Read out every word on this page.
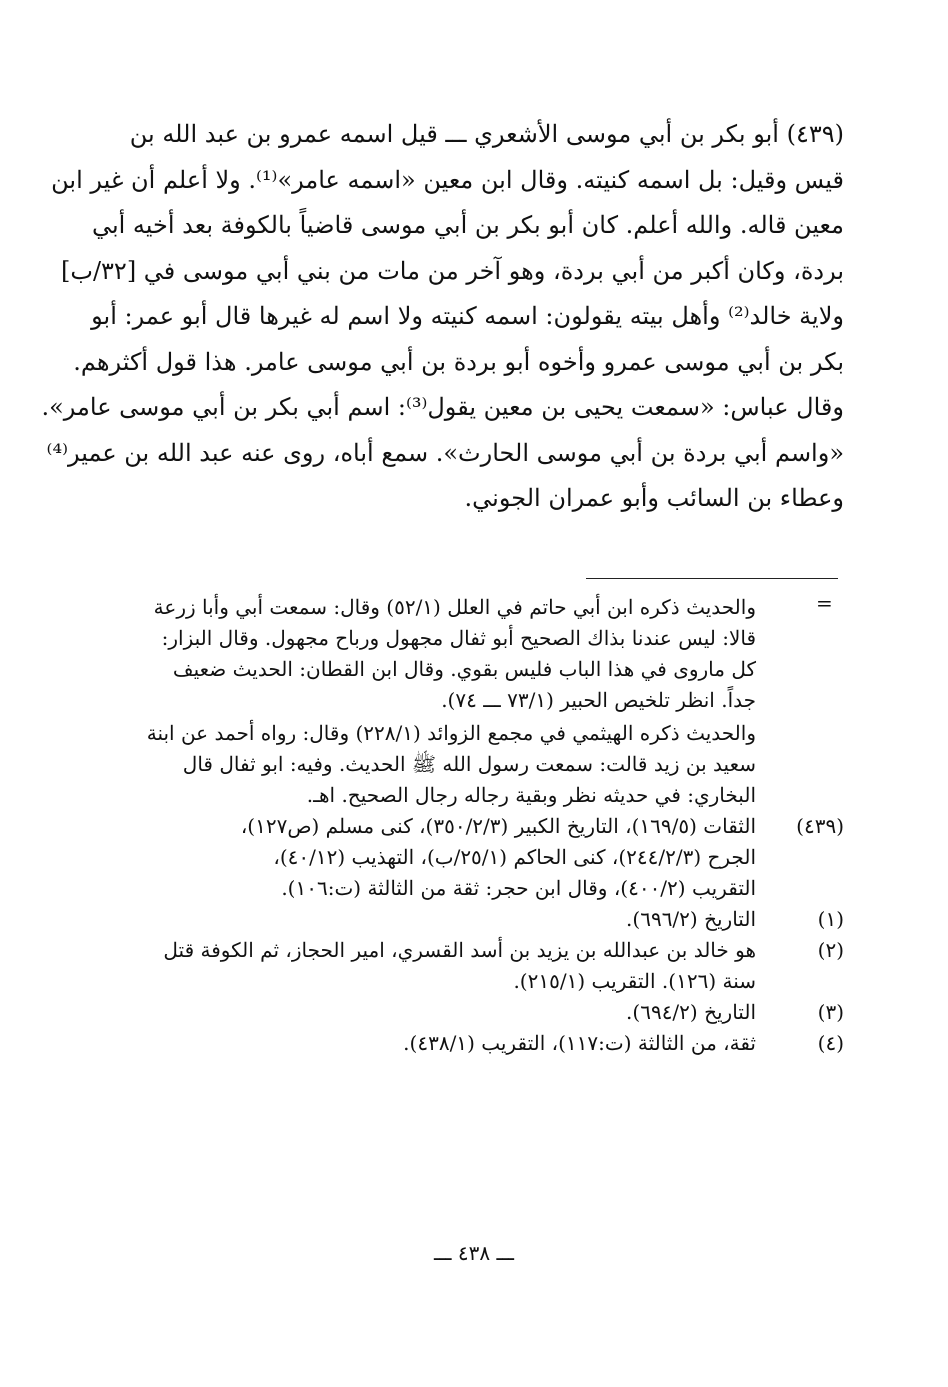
(٤٣٩) أبو بكر بن أبي موسى الأشعري ـــ قيل اسمه عمرو بن عبد الله بن
قيس وقيل: بل اسمه كنيته. وقال ابن معين «اسمه عامر»⁽¹⁾. ولا أعلم أن غير ابن
معين قاله. والله أعلم. كان أبو بكر بن أبي موسى قاضياً بالكوفة بعد أخيه أبي
بردة، وكان أكبر من أبي بردة، وهو آخر من مات من بني أبي موسى في [٣٢/ب]
ولاية خالد⁽²⁾ وأهل بيته يقولون: اسمه كنيته ولا اسم له غيرها قال أبو عمر: أبو
بكر بن أبي موسى عمرو وأخوه أبو بردة بن أبي موسى عامر. هذا قول أكثرهم.
وقال عباس: «سمعت يحيى بن معين يقول⁽³⁾: اسم أبي بكر بن أبي موسى عامر».
«واسم أبي بردة بن أبي موسى الحارث». سمع أباه، روى عنه عبد الله بن عمير⁽⁴⁾
وعطاء بن السائب وأبو عمران الجوني.
=
والحديث ذكره ابن أبي حاتم في العلل (٥٢/١) وقال: سمعت أبي وأبا زرعة
قالا: ليس عندنا بذاك الصحيح أبو ثفال مجهول ورباح مجهول. وقال البزار:
كل ماروى في هذا الباب فليس بقوي. وقال ابن القطان: الحديث ضعيف
جداً. انظر تلخيص الحبير (٧٣/١ ـــ ٧٤).
والحديث ذكره الهيثمي في مجمع الزوائد (٢٢٨/١) وقال: رواه أحمد عن ابنة
سعيد بن زيد قالت: سمعت رسول الله ﷺ الحديث. وفيه: ابو ثفال قال
البخاري: في حديثه نظر وبقية رجاله رجال الصحيح. اهـ.
(٤٣٩)
الثقات (١٦٩/٥)، التاريخ الكبير (٣٥٠/٢/٣)، كنى مسلم (ص١٢٧)،
الجرح (٢٤٤/٢/٣)، كنى الحاكم (٢٥/١/ب)، التهذيب (٤٠/١٢)،
التقريب (٤٠٠/٢)، وقال ابن حجر: ثقة من الثالثة (ت:١٠٦).
(١)
التاريخ (٦٩٦/٢).
(٢)
هو خالد بن عبدالله بن يزيد بن أسد القسري، امير الحجاز، ثم الكوفة قتل
سنة (١٢٦). التقريب (٢١٥/١).
(٣)
التاريخ (٦٩٤/٢).
(٤)
ثقة، من الثالثة (ت:١١٧)، التقريب (٤٣٨/١).
ـــ ٤٣٨ ـــ
